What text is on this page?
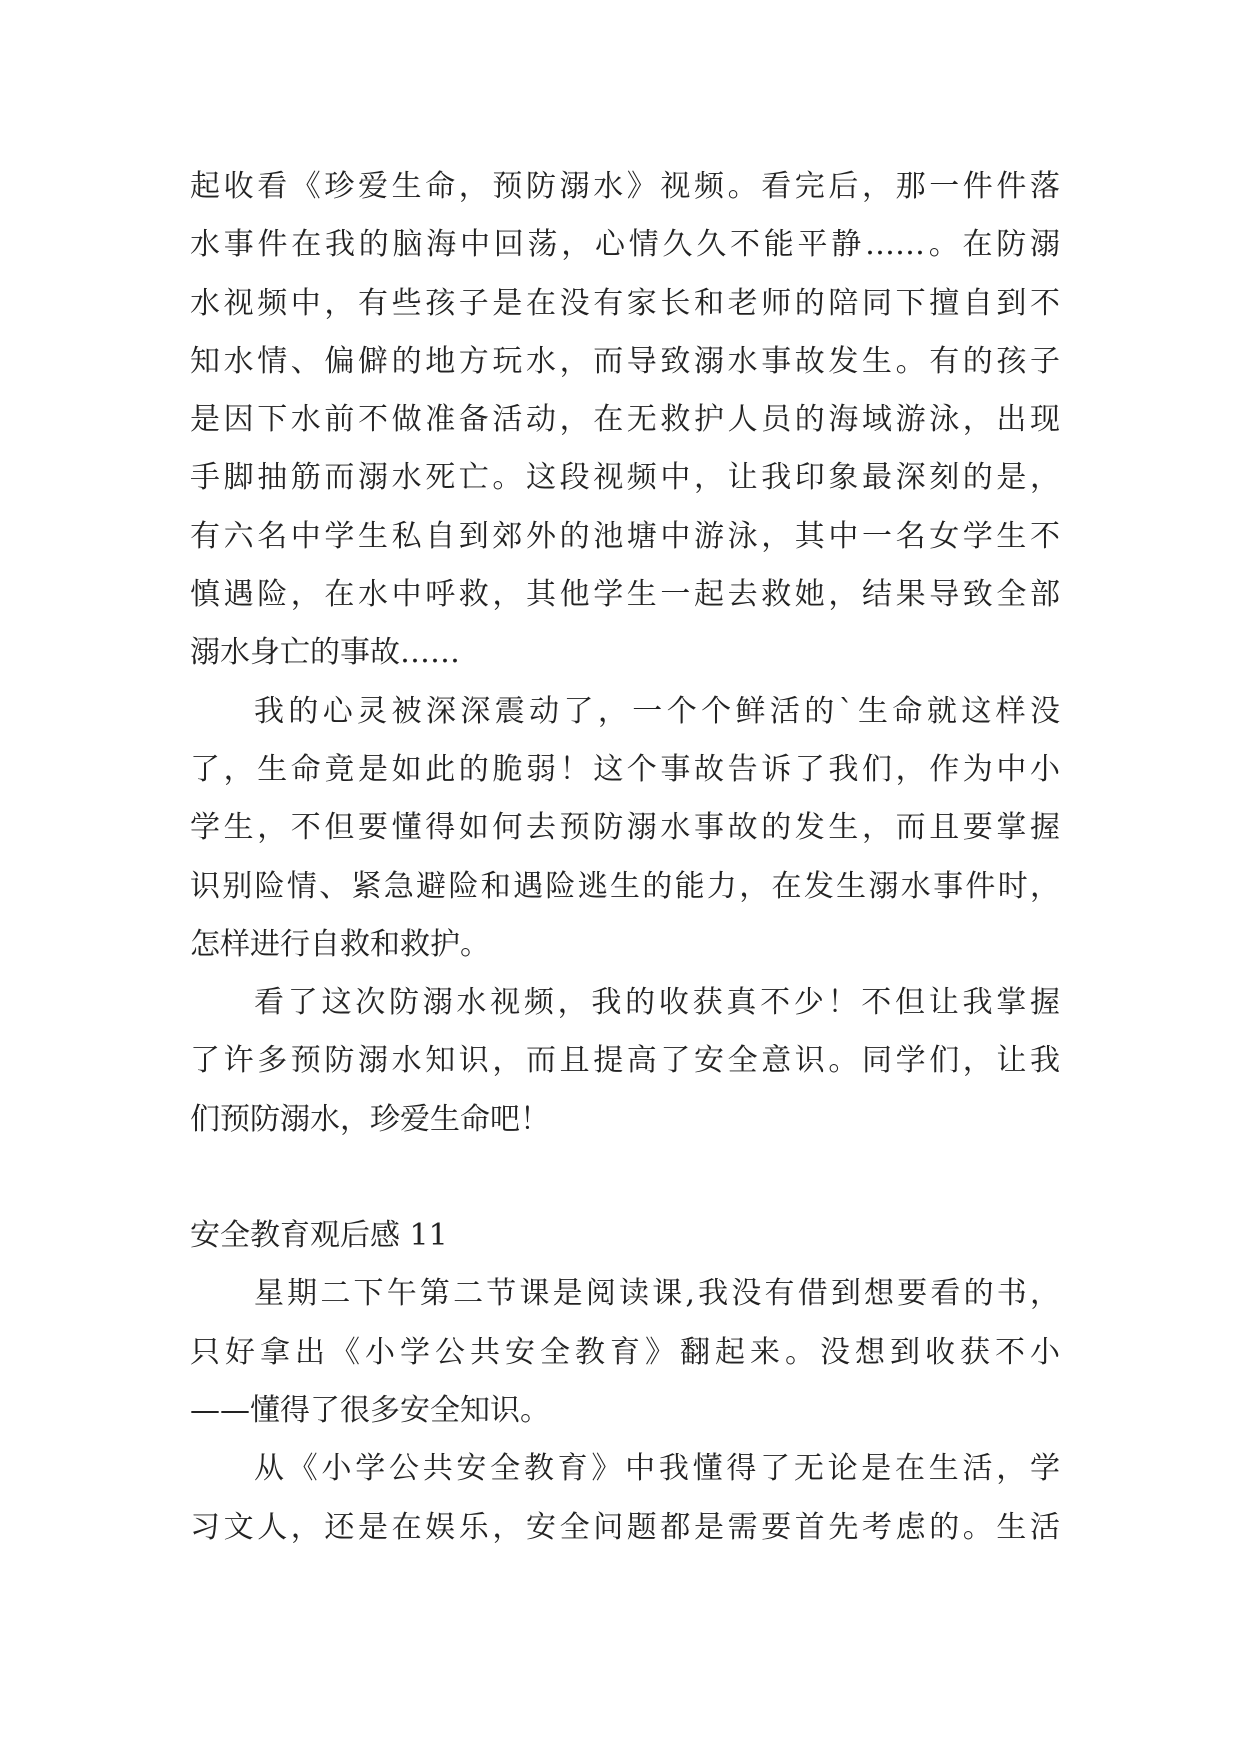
起收看《珍爱生命，预防溺水》视频。看完后，那一件件落
水事件在我的脑海中回荡，心情久久不能平静……。在防溺
水视频中，有些孩子是在没有家长和老师的陪同下擅自到不
知水情、偏僻的地方玩水，而导致溺水事故发生。有的孩子
是因下水前不做准备活动，在无救护人员的海域游泳，出现
手脚抽筋而溺水死亡。这段视频中，让我印象最深刻的是，
有六名中学生私自到郊外的池塘中游泳，其中一名女学生不
慎遇险，在水中呼救，其他学生一起去救她，结果导致全部
溺水身亡的事故……
我的心灵被深深震动了，一个个鲜活的`生命就这样没
了，生命竟是如此的脆弱！这个事故告诉了我们，作为中小
学生，不但要懂得如何去预防溺水事故的发生，而且要掌握
识别险情、紧急避险和遇险逃生的能力，在发生溺水事件时，
怎样进行自救和救护。
看了这次防溺水视频，我的收获真不少！不但让我掌握
了许多预防溺水知识，而且提高了安全意识。同学们，让我
们预防溺水，珍爱生命吧！
安全教育观后感 11
星期二下午第二节课是阅读课,我没有借到想要看的书，
只好拿出《小学公共安全教育》翻起来。没想到收获不小
——懂得了很多安全知识。
从《小学公共安全教育》中我懂得了无论是在生活，学
习文人，还是在娱乐，安全问题都是需要首先考虑的。生活
